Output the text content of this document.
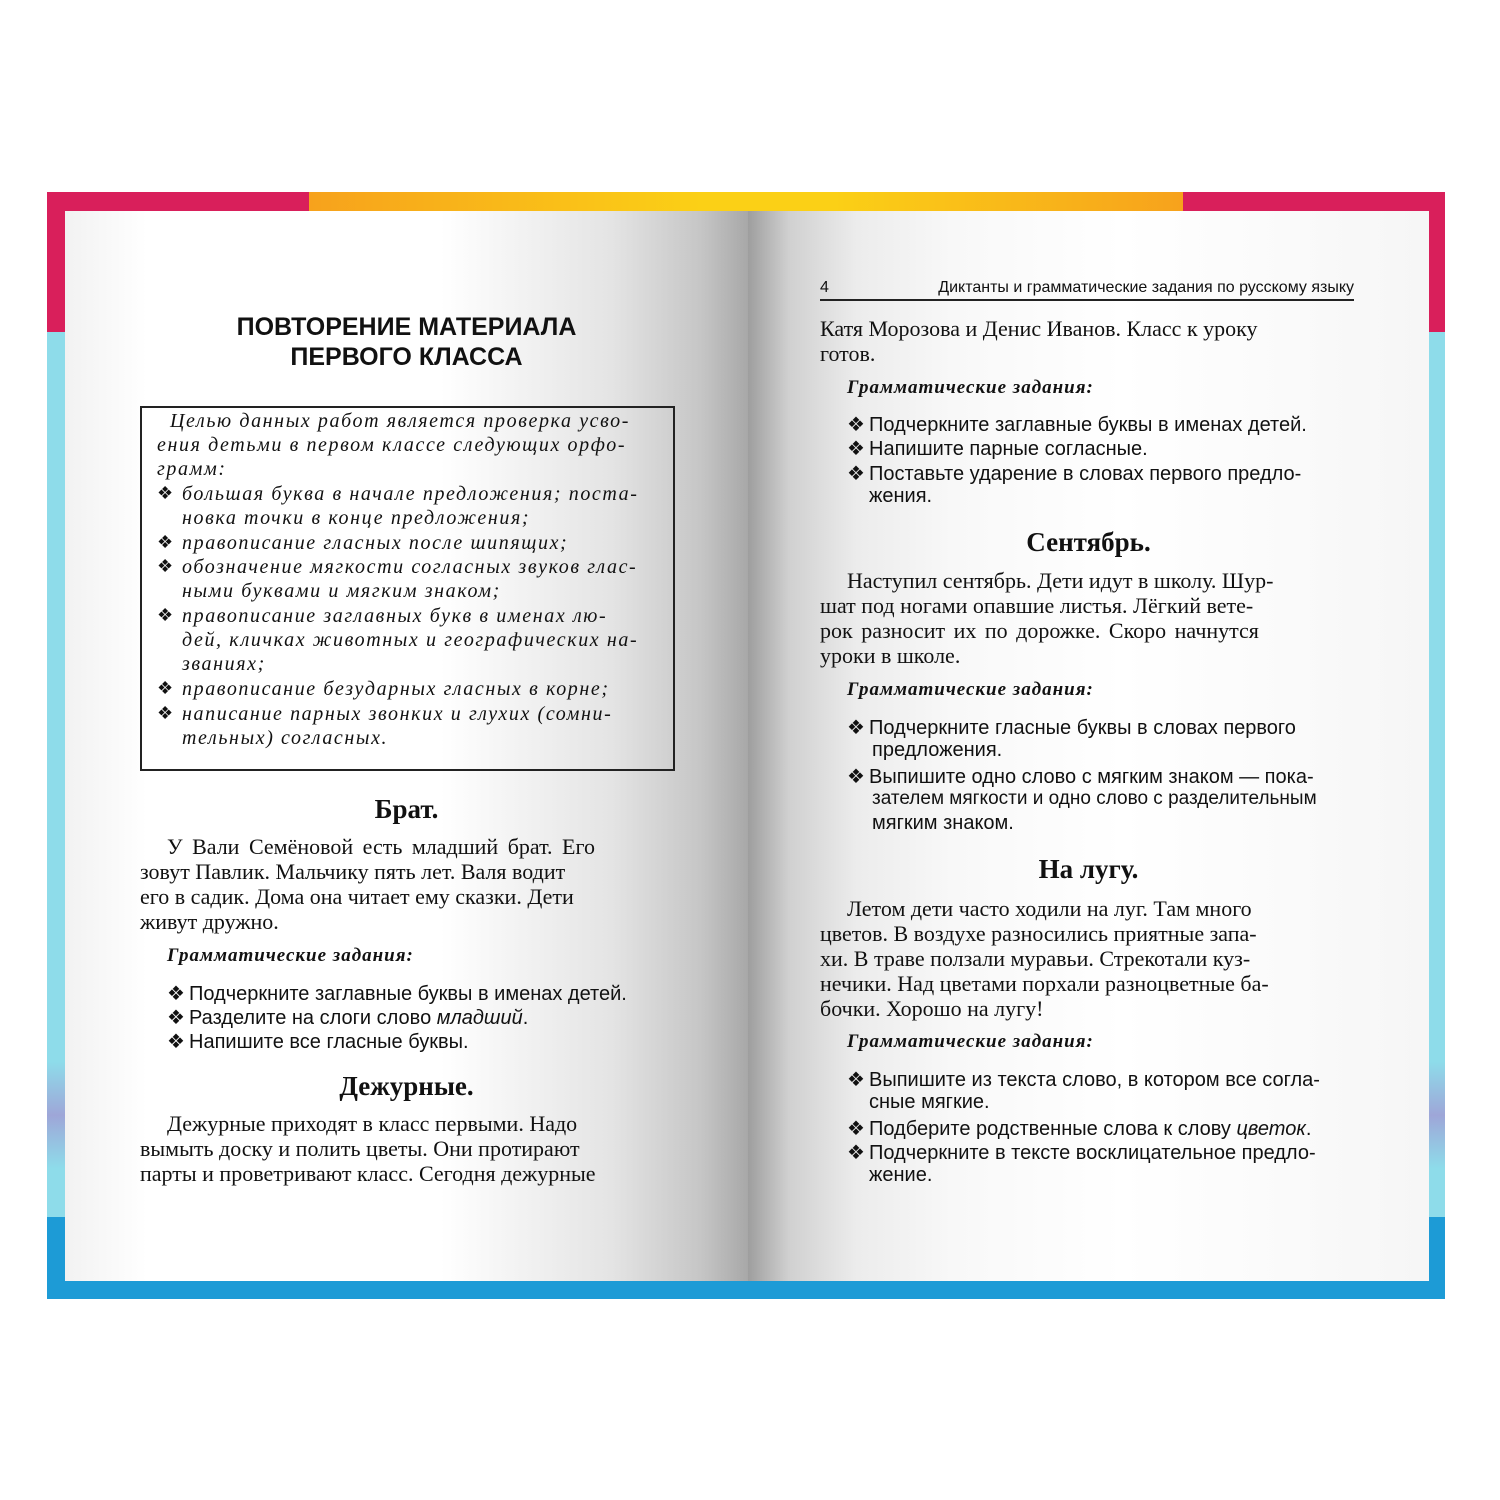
ПОВТОРЕНИЕ МАТЕРИАЛА
ПЕРВОГО КЛАССА
Целью данных работ является проверка усво-
ения детьми в первом классе следующих орфо-
грамм:
❖ большая буква в начале предложения; поста-
новка точки в конце предложения;
❖ правописание гласных после шипящих;
❖ обозначение мягкости согласных звуков глас-
ными буквами и мягким знаком;
❖ правописание заглавных букв в именах лю-
дей, кличках животных и географических на-
званиях;
❖ правописание безударных гласных в корне;
❖ написание парных звонких и глухих (сомни-
тельных) согласных.
Брат.
У Вали Семёновой есть младший брат. Его
зовут Павлик. Мальчику пять лет. Валя водит
его в садик. Дома она читает ему сказки. Дети
живут дружно.
Грамматические задания:
❖ Подчеркните заглавные буквы в именах детей.
❖ Разделите на слоги слово младший.
❖ Напишите все гласные буквы.
Дежурные.
Дежурные приходят в класс первыми. Надо
вымыть доску и полить цветы. Они протирают
парты и проветривают класс. Сегодня дежурные
4	Диктанты и грамматические задания по русскому языку
Катя Морозова и Денис Иванов. Класс к уроку
готов.
Грамматические задания:
❖ Подчеркните заглавные буквы в именах детей.
❖ Напишите парные согласные.
❖ Поставьте ударение в словах первого предло-
жения.
Сентябрь.
Наступил сентябрь. Дети идут в школу. Шур-
шат под ногами опавшие листья. Лёгкий вете-
рок разносит их по дорожке. Скоро начнутся
уроки в школе.
Грамматические задания:
❖ Подчеркните гласные буквы в словах первого
предложения.
❖ Выпишите одно слово с мягким знаком — пока-
зателем мягкости и одно слово с разделительным
мягким знаком.
На лугу.
Летом дети часто ходили на луг. Там много
цветов. В воздухе разносились приятные запа-
хи. В траве ползали муравьи. Стрекотали куз-
нечики. Над цветами порхали разноцветные ба-
бочки. Хорошо на лугу!
Грамматические задания:
❖ Выпишите из текста слово, в котором все согла-
сные мягкие.
❖ Подберите родственные слова к слову цветок.
❖ Подчеркните в тексте восклицательное предло-
жение.
